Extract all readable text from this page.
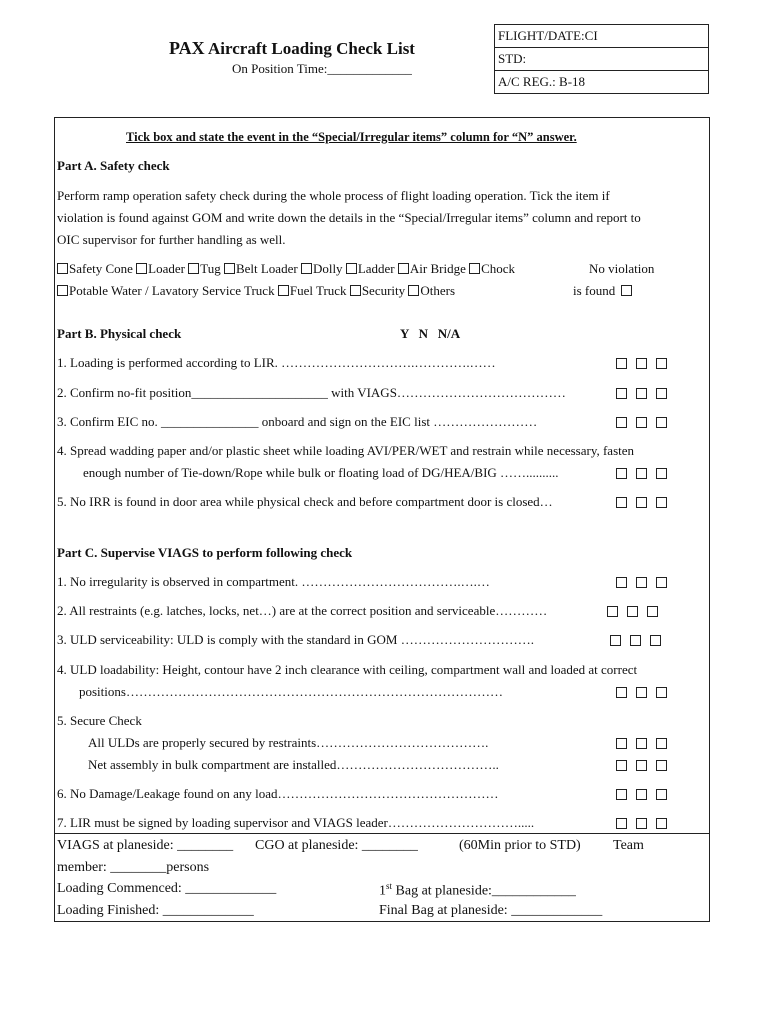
PAX Aircraft Loading Check List
On Position Time:_____________
FLIGHT/DATE:CI
STD:
A/C REG.: B-18
Tick box and state the event in the “Special/Irregular items” column for “N” answer.
Part A. Safety check
Perform ramp operation safety check during the whole process of flight loading operation. Tick the item if
violation is found against GOM and write down the details in the “Special/Irregular items” column and report to
OIC supervisor for further handling as well.
Safety Cone Loader Tug Belt Loader Dolly Ladder Air Bridge Chock	No violation
Potable Water / Lavatory Service Truck Fuel Truck Security Others	is found
Part B. Physical check	Y   N   N/A
1. Loading is performed according to LIR. ………………………….………….……
2. Confirm no-fit position_____________________ with VIAGS…………………………………
3. Confirm EIC no. _______________ onboard and sign on the EIC list ……………………
4. Spread wadding paper and/or plastic sheet while loading AVI/PER/WET and restrain while necessary, fasten
enough number of Tie-down/Rope while bulk or floating load of DG/HEA/BIG ……..........
5. No IRR is found in door area while physical check and before compartment door is closed…
Part C. Supervise VIAGS to perform following check
1. No irregularity is observed in compartment. ……………………………….….…
2. All restraints (e.g. latches, locks, net…) are at the correct position and serviceable…………
3. ULD serviceability: ULD is comply with the standard in GOM ………………………….
4. ULD loadability: Height, contour have 2 inch clearance with ceiling, compartment wall and loaded at correct
positions……………………………………………………………………………
5. Secure Check
All ULDs are properly secured by restraints………………………………….
Net assembly in bulk compartment are installed………………………………..
6. No Damage/Leakage found on any load……………………………………………
7. LIR must be signed by loading supervisor and VIAGS leader………………………….....
VIAGS at planeside: ________ CGO at planeside: ________	(60Min prior to STD) Team
member: ________persons
Loading Commenced: _____________	1st Bag at planeside:____________
Loading Finished: _____________	Final Bag at planeside: _____________
